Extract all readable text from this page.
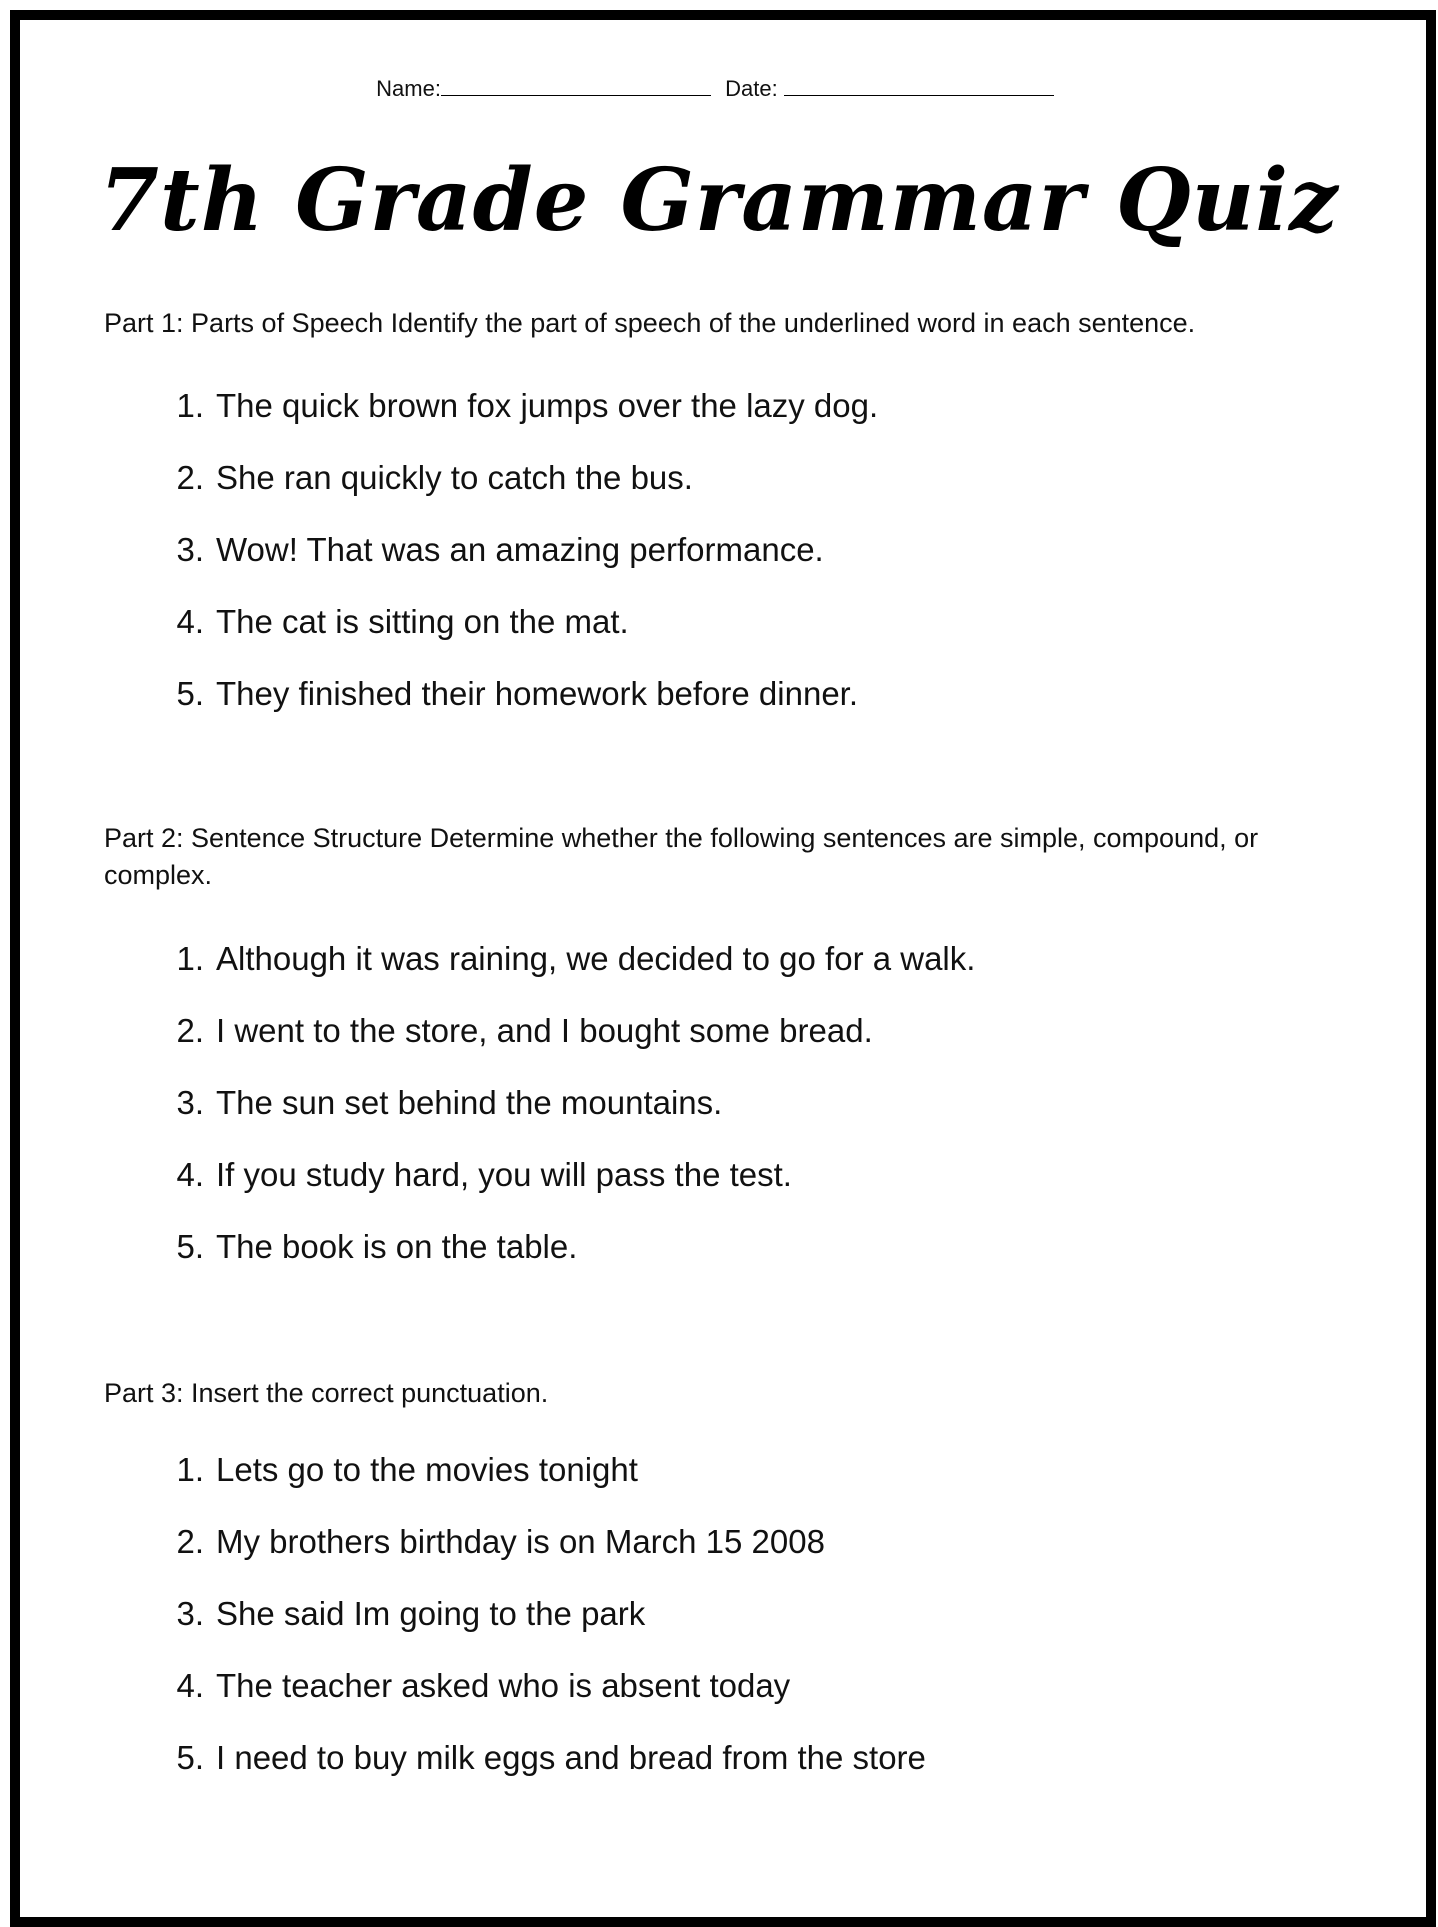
Name:	Date:
7th Grade Grammar Quiz

Part 1: Parts of Speech Identify the part of speech of the underlined word in each sentence.

1. The quick brown fox jumps over the lazy dog.
2. She ran quickly to catch the bus.
3. Wow! That was an amazing performance.
4. The cat is sitting on the mat.
5. They finished their homework before dinner.

Part 2: Sentence Structure Determine whether the following sentences are simple, compound, or complex.

1. Although it was raining, we decided to go for a walk.
2. I went to the store, and I bought some bread.
3. The sun set behind the mountains.
4. If you study hard, you will pass the test.
5. The book is on the table.

Part 3: Insert the correct punctuation.

1. Lets go to the movies tonight
2. My brothers birthday is on March 15 2008
3. She said Im going to the park
4. The teacher asked who is absent today
5. I need to buy milk eggs and bread from the store
